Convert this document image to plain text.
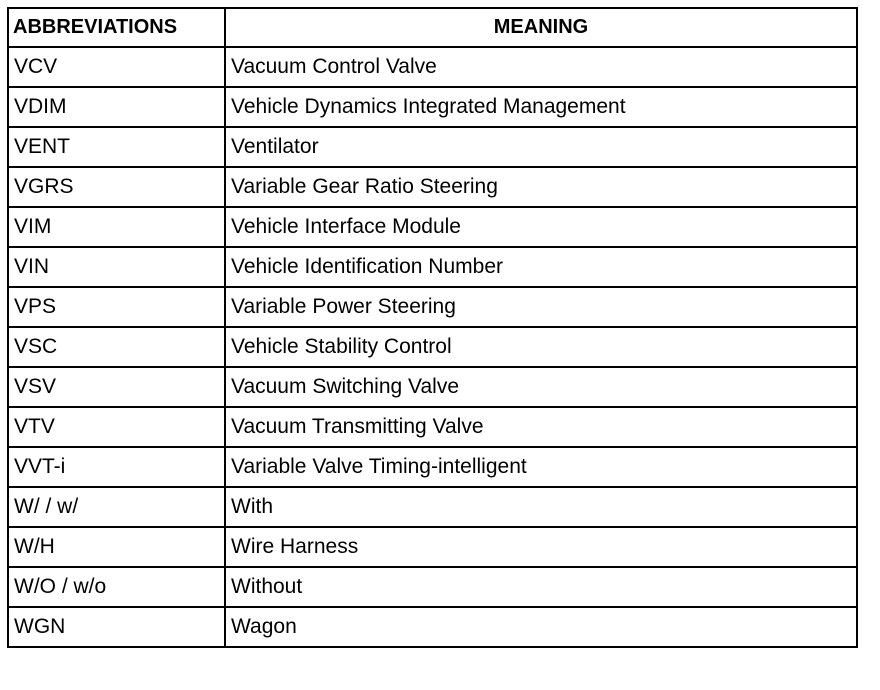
ABBREVIATIONS	MEANING
VCV	Vacuum Control Valve
VDIM	Vehicle Dynamics Integrated Management
VENT	Ventilator
VGRS	Variable Gear Ratio Steering
VIM	Vehicle Interface Module
VIN	Vehicle Identification Number
VPS	Variable Power Steering
VSC	Vehicle Stability Control
VSV	Vacuum Switching Valve
VTV	Vacuum Transmitting Valve
VVT-i	Variable Valve Timing-intelligent
W/ / w/	With
W/H	Wire Harness
W/O / w/o	Without
WGN	Wagon
